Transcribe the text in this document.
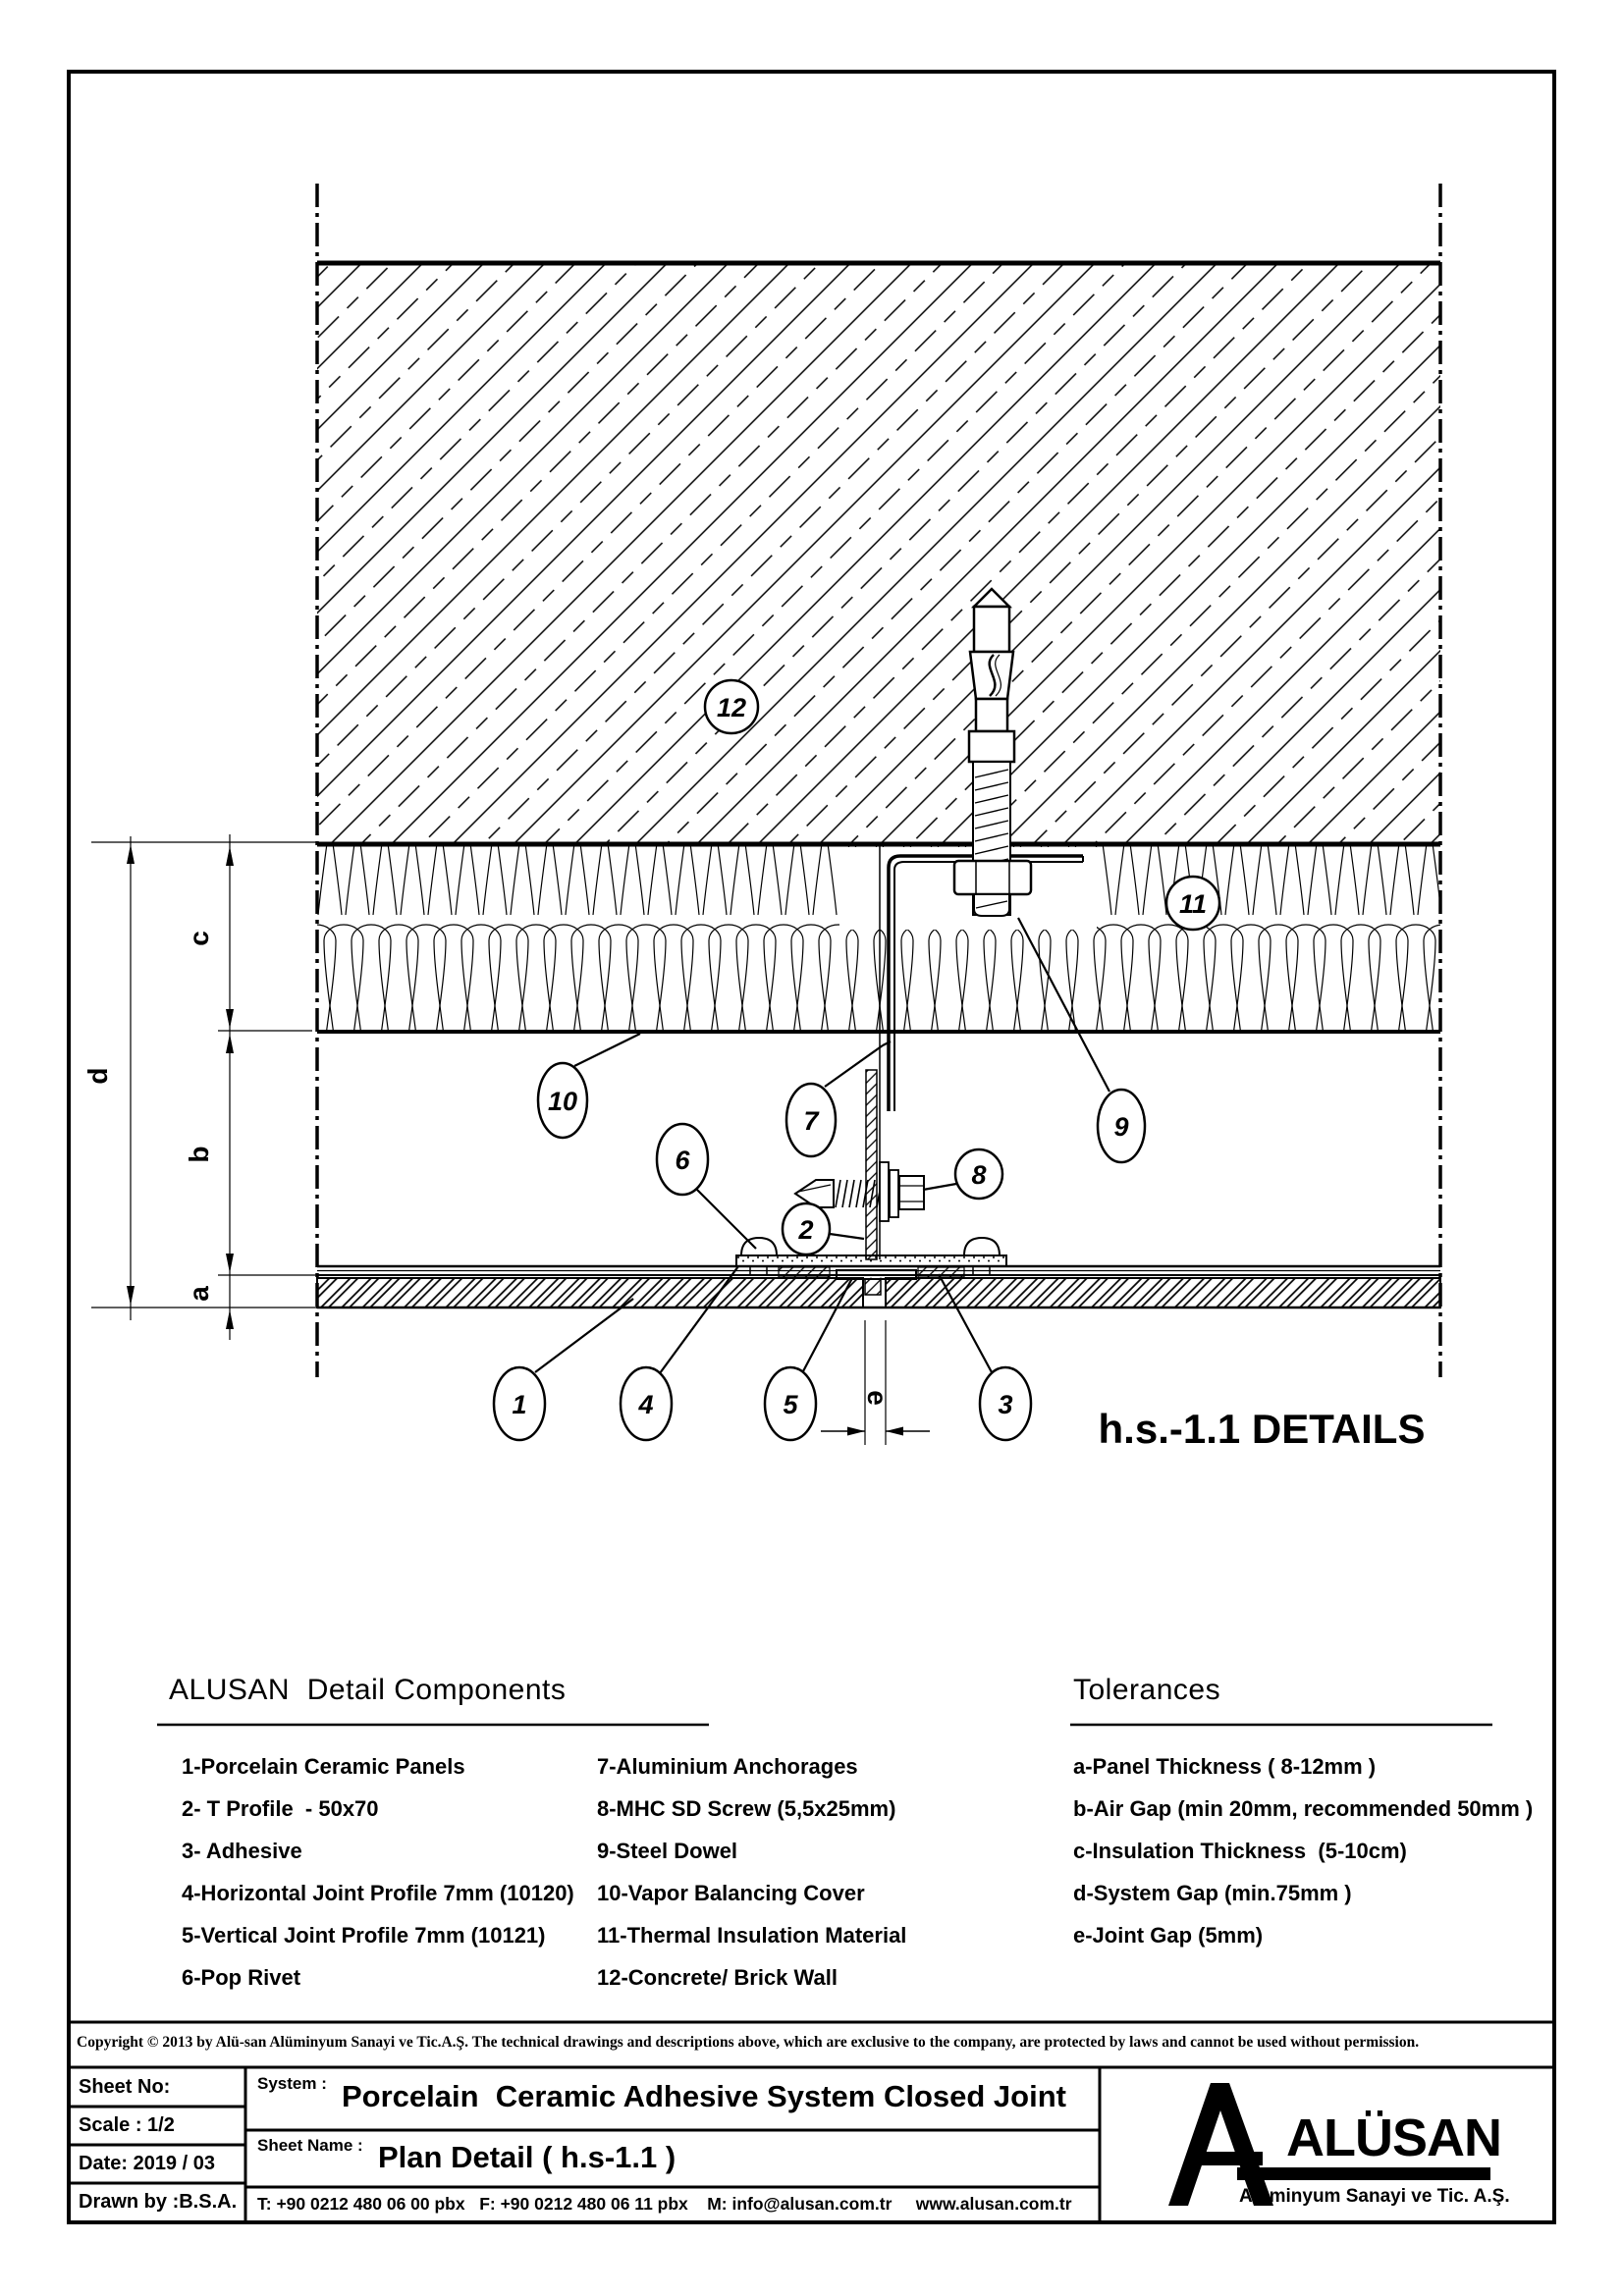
e
d
c
b
a
12
11
10
7	9
6
2
8
1	4	5	3
h.s.-1.1 DETAILS
ALÜSAN
Alüminyum Sanayi ve Tic. A.Ş.
ALUSAN  Detail Components
1-Porcelain Ceramic Panels
2- T Profile  - 50x70
3- Adhesive
4-Horizontal Joint Profile 7mm (10120)
5-Vertical Joint Profile 7mm (10121)
6-Pop Rivet
7-Aluminium Anchorages
8-MHC SD Screw (5,5x25mm)
9-Steel Dowel
10-Vapor Balancing Cover
11-Thermal Insulation Material
12-Concrete/ Brick Wall
Tolerances
a-Panel Thickness ( 8-12mm )
b-Air Gap (min 20mm, recommended 50mm )
c-Insulation Thickness  (5-10cm)
d-System Gap (min.75mm )
e-Joint Gap (5mm)
Copyright © 2013 by Alü-san Alüminyum Sanayi ve Tic.A.Ş. The technical drawings and descriptions above, which are exclusive to the company, are protected by laws and cannot be used without permission.
Sheet No:
Scale : 1/2
Date: 2019 / 03
Drawn by :B.S.A.
System : Porcelain  Ceramic Adhesive System Closed Joint
Sheet Name : Plan Detail ( h.s-1.1 )
T: +90 0212 480 06 00 pbx   F: +90 0212 480 06 11 pbx    M: info@alusan.com.tr     www.alusan.com.tr
